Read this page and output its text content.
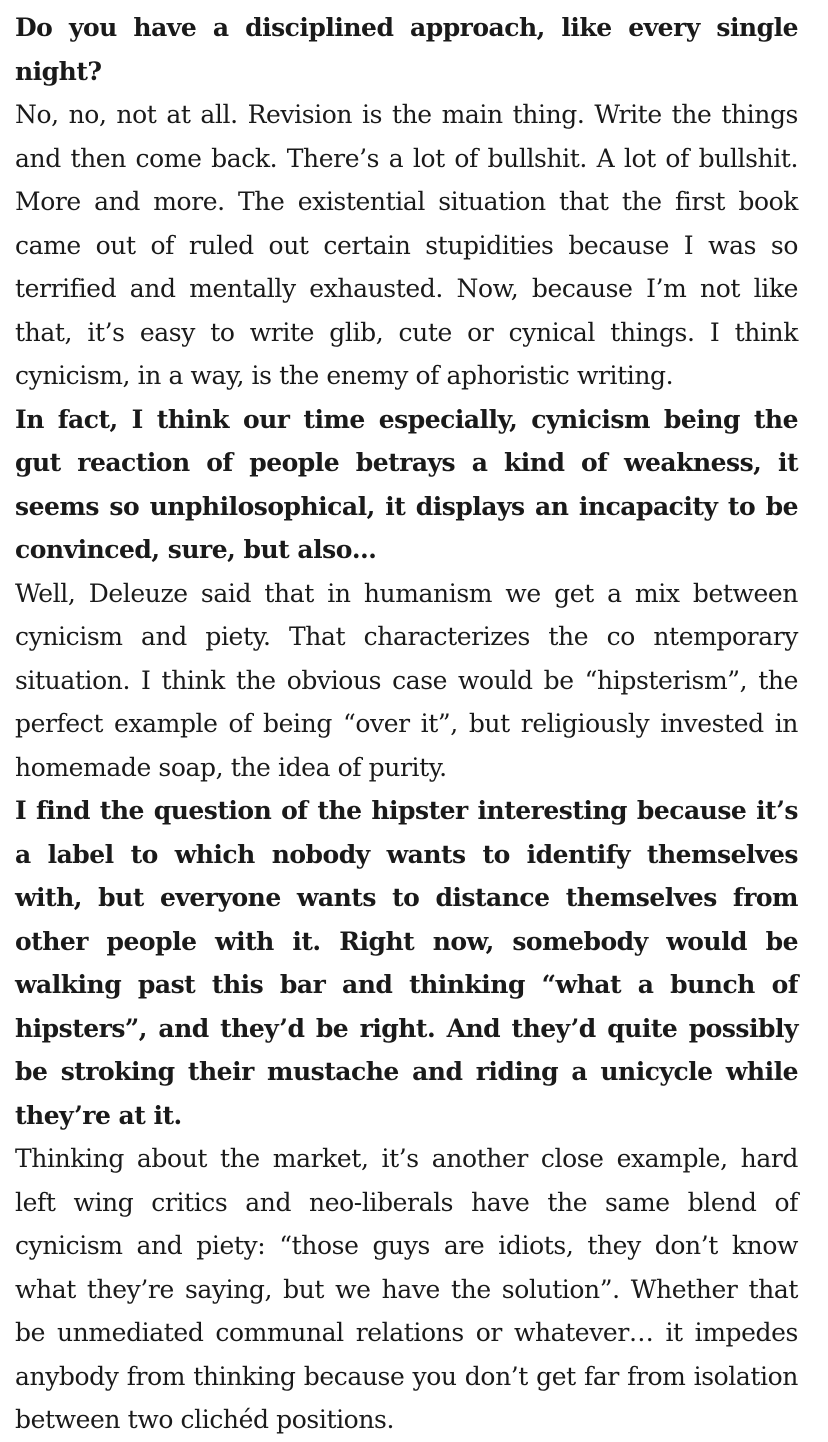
Do you have a disciplined approach, like every single night?

No, no, not at all. Revision is the main thing. Write the things and then come back. There’s a lot of bullshit. A lot of bullshit. More and more. The existential situation that the first book came out of ruled out certain stupidities because I was so terrified and mentally exhausted. Now, because I’m not like that, it’s easy to write glib, cute or cynical things. I think cynicism, in a way, is the enemy of aphoristic writing.

In fact, I think our time especially, cynicism being the gut reaction of people betrays a kind of weakness, it seems so unphilosophical, it displays an incapacity to be convinced, sure, but also…

Well, Deleuze said that in humanism we get a mix between cynicism and piety. That characterizes the co ntemporary situation. I think the obvious case would be “hipsterism”, the perfect example of being “over it”, but religiously invested in homemade soap, the idea of purity.

I find the question of the hipster interesting because it’s a label to which nobody wants to identify themselves with, but everyone wants to distance themselves from other people with it. Right now, somebody would be walking past this bar and thinking “what a bunch of hipsters”, and they’d be right. And they’d quite possibly be stroking their mustache and riding a unicycle while they’re at it.

Thinking about the market, it’s another close example, hard left wing critics and neo-liberals have the same blend of cynicism and piety: “those guys are idiots, they don’t know what they’re saying, but we have the solution”. Whether that be unmediated communal relations or whatever… it impedes anybody from thinking because you don’t get far from isolation between two clichéd positions.
